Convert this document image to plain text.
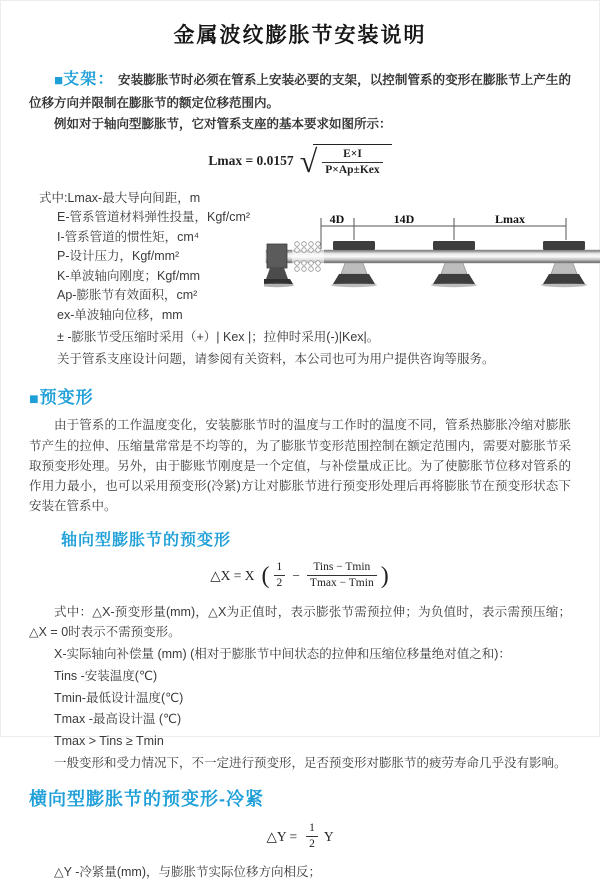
金属波纹膨胀节安装说明

■支架： 安装膨胀节时必须在管系上安装必要的支架，以控制管系的变形在膨胀节上产生的位移方向并限制在膨胀节的额定位移范围内。

例如对于轴向型膨胀节，它对管系支座的基本要求如图所示：

Lmax = 0.0157 √ $\frac{E\times I}{\text{P×Ap±Kex}}$
式中:Lmax-最大导向间距，m
E-管系管道材料弹性投量，Kgf/cm²
I-管系管道的惯性矩，cm⁴
P-设计压力，Kgf/mm²
K-单波轴向刚度；Kgf/mm
Ap-膨胀节有效面积，cm²
ex-单波轴向位移，mm
4D	14D	Lmax
± -膨胀节受压缩时采用（+）| Kex |；拉伸时采用(-)|Kex|。
关于管系支座设计问题，请参阅有关资料，本公司也可为用户提供咨询等服务。
■预变形

由于管系的工作温度变化，安装膨胀节时的温度与工作时的温度不同，管系热膨胀冷缩对膨胀节产生的拉伸、压缩量常常是不均等的，为了膨胀节变形范围控制在额定范围内，需要对膨胀节采取预变形处理。另外，由于膨账节刚度是一个定值，与补偿量成正比。为了使膨胀节位移对管系的作用力最小，也可以采用预变形(冷紧)方让对膨胀节进行预变形处理后再将膨胀节在预变形状态下安装在管系中。

轴向型膨胀节的预变形
△X = X ( $\frac{1}{2} - \frac{\text{Tins − Tmin}}{Tmax - Tmin}$ )

式中：△X-预变形量(mm)，△X为正值时，表示膨张节需预拉伸；为负值时，表示需预压缩；△X = 0时表示不需预变形。

X-实际轴向补偿量 (mm) (相对于膨胀节中间状态的拉伸和压缩位移量绝对值之和)：
Tins -安装温度(℃)
Tmin-最低设计温度(℃)
Tmax -最高设计温 (℃)
Tmax > Tins ≥ Tmin
一般变形和受力情况下，不一定进行预变形，足否预变形对膨胀节的疲劳寿命几乎没有影响。
横向型膨胀节的预变形-冷紧
△Y = $\frac{1}{2}$ Y
△Y -冷紧量(mm)，与膨胀节实际位移方向相反；
